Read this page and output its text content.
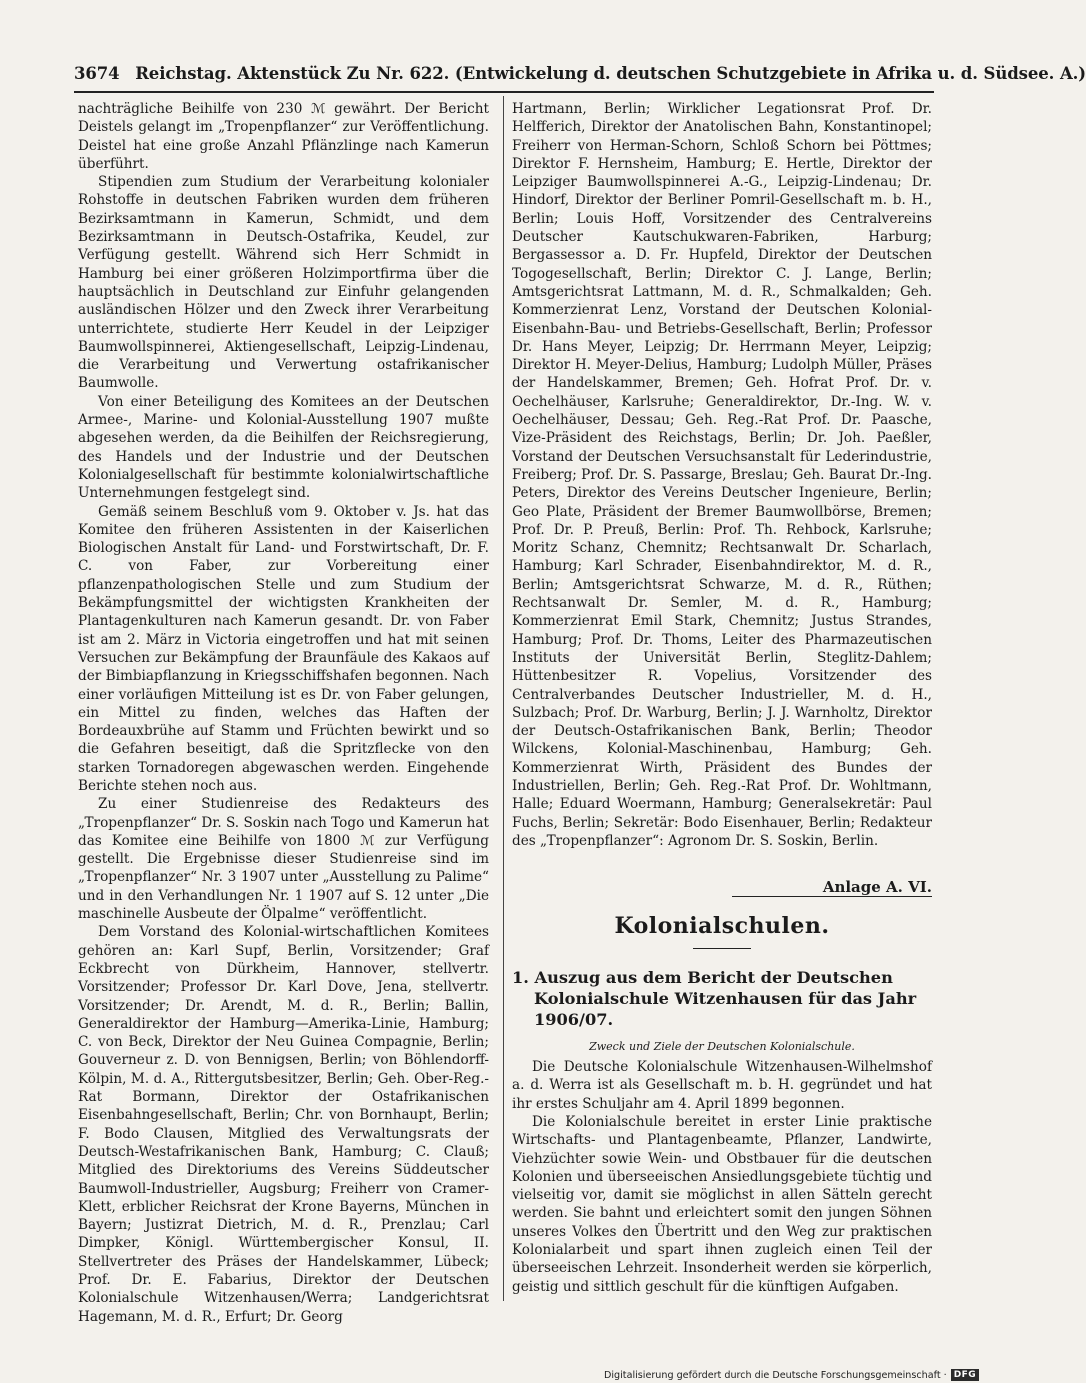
3674 Reichstag. Aktenstück Zu Nr. 622. (Entwickelung d. deutschen Schutzgebiete in Afrika u. d. Südsee. A.)

nachträgliche Beihilfe von 230 ℳ gewährt. Der Bericht Deistels gelangt im „Tropenpflanzer“ zur Veröffentlichung. Deistel hat eine große Anzahl Pflänzlinge nach Kamerun überführt.

Stipendien zum Studium der Verarbeitung kolonialer Rohstoffe in deutschen Fabriken wurden dem früheren Bezirksamtmann in Kamerun, Schmidt, und dem Bezirksamtmann in Deutsch-Ostafrika, Keudel, zur Verfügung gestellt. Während sich Herr Schmidt in Hamburg bei einer größeren Holzimportfirma über die hauptsächlich in Deutschland zur Einfuhr gelangenden ausländischen Hölzer und den Zweck ihrer Verarbeitung unterrichtete, studierte Herr Keudel in der Leipziger Baumwollspinnerei, Aktiengesellschaft, Leipzig-Lindenau, die Verarbeitung und Verwertung ostafrikanischer Baumwolle.

Von einer Beteiligung des Komitees an der Deutschen Armee-, Marine- und Kolonial-Ausstellung 1907 mußte abgesehen werden, da die Beihilfen der Reichsregierung, des Handels und der Industrie und der Deutschen Kolonialgesellschaft für bestimmte kolonialwirtschaftliche Unternehmungen festgelegt sind.

Gemäß seinem Beschluß vom 9. Oktober v. Js. hat das Komitee den früheren Assistenten in der Kaiserlichen Biologischen Anstalt für Land- und Forstwirtschaft, Dr. F. C. von Faber, zur Vorbereitung einer pflanzenpathologischen Stelle und zum Studium der Bekämpfungsmittel der wichtigsten Krankheiten der Plantagenkulturen nach Kamerun gesandt. Dr. von Faber ist am 2. März in Victoria eingetroffen und hat mit seinen Versuchen zur Bekämpfung der Braunfäule des Kakaos auf der Bimbiapflanzung in Kriegsschiffshafen begonnen. Nach einer vorläufigen Mitteilung ist es Dr. von Faber gelungen, ein Mittel zu finden, welches das Haften der Bordeauxbrühe auf Stamm und Früchten bewirkt und so die Gefahren beseitigt, daß die Spritzflecke von den starken Tornadoregen abgewaschen werden. Eingehende Berichte stehen noch aus.

Zu einer Studienreise des Redakteurs des „Tropenpflanzer“ Dr. S. Soskin nach Togo und Kamerun hat das Komitee eine Beihilfe von 1800 ℳ zur Verfügung gestellt. Die Ergebnisse dieser Studienreise sind im „Tropenpflanzer“ Nr. 3 1907 unter „Ausstellung zu Palime“ und in den Verhandlungen Nr. 1 1907 auf S. 12 unter „Die maschinelle Ausbeute der Ölpalme“ veröffentlicht.

Dem Vorstand des Kolonial-wirtschaftlichen Komitees gehören an: Karl Supf, Berlin, Vorsitzender; Graf Eckbrecht von Dürkheim, Hannover, stellvertr. Vorsitzender; Professor Dr. Karl Dove, Jena, stellvertr. Vorsitzender; Dr. Arendt, M. d. R., Berlin; Ballin, Generaldirektor der Hamburg—Amerika-Linie, Hamburg; C. von Beck, Direktor der Neu Guinea Compagnie, Berlin; Gouverneur z. D. von Bennigsen, Berlin; von Böhlendorff-Kölpin, M. d. A., Rittergutsbesitzer, Berlin; Geh. Ober-Reg.-Rat Bormann, Direktor der Ostafrikanischen Eisenbahngesellschaft, Berlin; Chr. von Bornhaupt, Berlin; F. Bodo Clausen, Mitglied des Verwaltungsrats der Deutsch-Westafrikanischen Bank, Hamburg; C. Clauß; Mitglied des Direktoriums des Vereins Süddeutscher Baumwoll-Industrieller, Augsburg; Freiherr von Cramer-Klett, erblicher Reichsrat der Krone Bayerns, München in Bayern; Justizrat Dietrich, M. d. R., Prenzlau; Carl Dimpker, Königl. Württembergischer Konsul, II. Stellvertreter des Präses der Handelskammer, Lübeck; Prof. Dr. E. Fabarius, Direktor der Deutschen Kolonialschule Witzenhausen/Werra; Landgerichtsrat Hagemann, M. d. R., Erfurt; Dr. Georg

Hartmann, Berlin; Wirklicher Legationsrat Prof. Dr. Helfferich, Direktor der Anatolischen Bahn, Konstantinopel; Freiherr von Herman-Schorn, Schloß Schorn bei Pöttmes; Direktor F. Hernsheim, Hamburg; E. Hertle, Direktor der Leipziger Baumwollspinnerei A.-G., Leipzig-Lindenau; Dr. Hindorf, Direktor der Berliner Pomril-Gesellschaft m. b. H., Berlin; Louis Hoff, Vorsitzender des Centralvereins Deutscher Kautschukwaren-Fabriken, Harburg; Bergassessor a. D. Fr. Hupfeld, Direktor der Deutschen Togogesellschaft, Berlin; Direktor C. J. Lange, Berlin; Amtsgerichtsrat Lattmann, M. d. R., Schmalkalden; Geh. Kommerzienrat Lenz, Vorstand der Deutschen Kolonial-Eisenbahn-Bau- und Betriebs-Gesellschaft, Berlin; Professor Dr. Hans Meyer, Leipzig; Dr. Herrmann Meyer, Leipzig; Direktor H. Meyer-Delius, Hamburg; Ludolph Müller, Präses der Handelskammer, Bremen; Geh. Hofrat Prof. Dr. v. Oechelhäuser, Karlsruhe; Generaldirektor, Dr.-Ing. W. v. Oechelhäuser, Dessau; Geh. Reg.-Rat Prof. Dr. Paasche, Vize-Präsident des Reichstags, Berlin; Dr. Joh. Paeßler, Vorstand der Deutschen Versuchsanstalt für Lederindustrie, Freiberg; Prof. Dr. S. Passarge, Breslau; Geh. Baurat Dr.-Ing. Peters, Direktor des Vereins Deutscher Ingenieure, Berlin; Geo Plate, Präsident der Bremer Baumwollbörse, Bremen; Prof. Dr. P. Preuß, Berlin: Prof. Th. Rehbock, Karlsruhe; Moritz Schanz, Chemnitz; Rechtsanwalt Dr. Scharlach, Hamburg; Karl Schrader, Eisenbahndirektor, M. d. R., Berlin; Amtsgerichtsrat Schwarze, M. d. R., Rüthen; Rechtsanwalt Dr. Semler, M. d. R., Hamburg; Kommerzienrat Emil Stark, Chemnitz; Justus Strandes, Hamburg; Prof. Dr. Thoms, Leiter des Pharmazeutischen Instituts der Universität Berlin, Steglitz-Dahlem; Hüttenbesitzer R. Vopelius, Vorsitzender des Centralverbandes Deutscher Industrieller, M. d. H., Sulzbach; Prof. Dr. Warburg, Berlin; J. J. Warnholtz, Direktor der Deutsch-Ostafrikanischen Bank, Berlin; Theodor Wilckens, Kolonial-Maschinenbau, Hamburg; Geh. Kommerzienrat Wirth, Präsident des Bundes der Industriellen, Berlin; Geh. Reg.-Rat Prof. Dr. Wohltmann, Halle; Eduard Woermann, Hamburg; Generalsekretär: Paul Fuchs, Berlin; Sekretär: Bodo Eisenhauer, Berlin; Redakteur des „Tropenpflanzer“: Agronom Dr. S. Soskin, Berlin.

Anlage A. VI.
Kolonialschulen.
1. Auszug aus dem Bericht der Deutschen Kolonialschule Witzenhausen für das Jahr 1906/07.
Zweck und Ziele der Deutschen Kolonialschule.

Die Deutsche Kolonialschule Witzenhausen-Wilhelmshof a. d. Werra ist als Gesellschaft m. b. H. gegründet und hat ihr erstes Schuljahr am 4. April 1899 begonnen.

Die Kolonialschule bereitet in erster Linie praktische Wirtschafts- und Plantagenbeamte, Pflanzer, Landwirte, Viehzüchter sowie Wein- und Obstbauer für die deutschen Kolonien und überseeischen Ansiedlungsgebiete tüchtig und vielseitig vor, damit sie möglichst in allen Sätteln gerecht werden. Sie bahnt und erleichtert somit den jungen Söhnen unseres Volkes den Übertritt und den Weg zur praktischen Kolonialarbeit und spart ihnen zugleich einen Teil der überseeischen Lehrzeit. Insonderheit werden sie körperlich, geistig und sittlich geschult für die künftigen Aufgaben.

Digitalisierung gefördert durch die Deutsche Forschungsgemeinschaft · DFG
